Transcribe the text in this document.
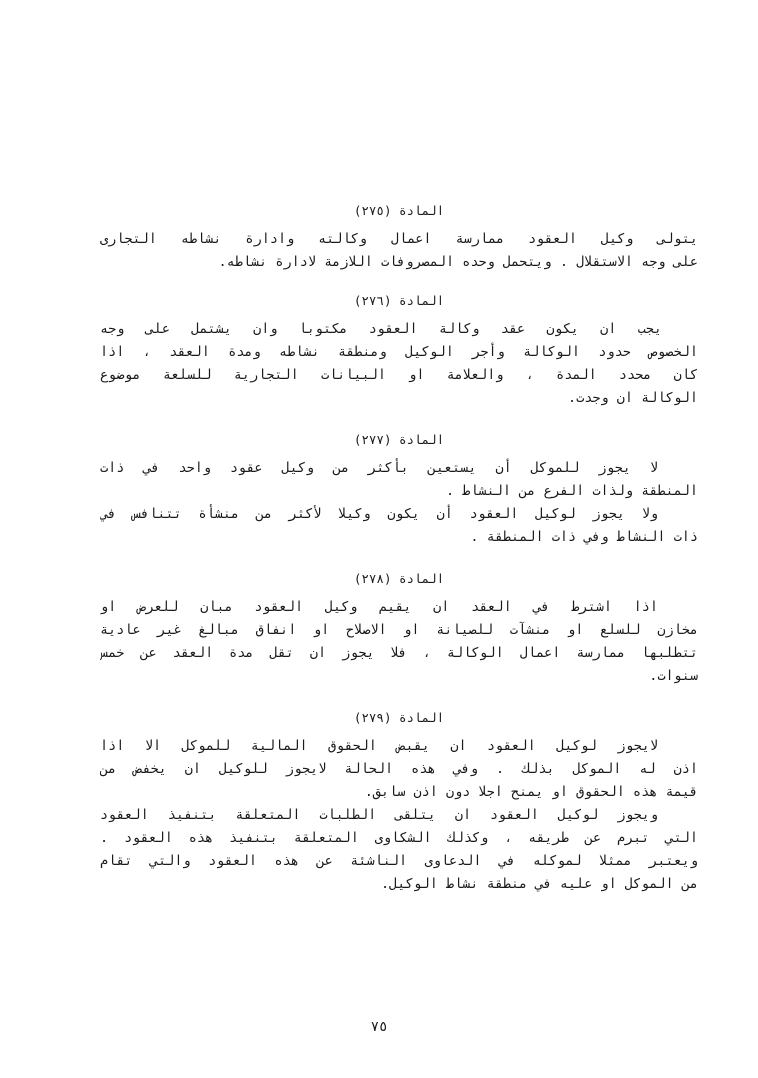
المادة (٢٧٥)
يتولى وكيل العقود ممارسة اعمال وكالته وادارة نشاطه التجارى
على وجه الاستقلال . ويتحمل وحده المصروفات اللازمة لادارة نشاطه.
المادة (٢٧٦)
يجب ان يكون عقد وكالة العقود مكتوبا وان يشتمل على وجه
الخصوص حدود الوكالة وأجر الوكيل ومنطقة نشاطه ومدة العقد ، اذا
كان محدد المدة ، والعلامة او البيانات التجارية للسلعة موضوع
الوكالة ان وجدت.
المادة (٢٧٧)
لا يجوز للموكل أن يستعين بأكثر من وكيل عقود واحد في ذات
المنطقة ولذات الفرع من النشاط .
ولا يجوز لوكيل العقود أن يكون وكيلا لأكثر من منشأة تتنافس في
ذات النشاط وفي ذات المنطقة .
المادة (٢٧٨)
اذا اشترط في العقد ان يقيم وكيل العقود مبان للعرض او
مخازن للسلع او منشآت للصيانة او الاصلاح او انفاق مبالغ غير عادية
تتطلبها ممارسة اعمال الوكالة ، فلا يجوز ان تقل مدة العقد عن خمس
سنوات.
المادة (٢٧٩)
لايجوز لوكيل العقود ان يقبض الحقوق المالية للموكل الا اذا
اذن له الموكل بذلك . وفي هذه الحالة لايجوز للوكيل ان يخفض من
قيمة هذه الحقوق او يمنح اجلا دون اذن سابق.
ويجوز لوكيل العقود ان يتلقى الطلبات المتعلقة بتنفيذ العقود
التي تبرم عن طريقه ، وكذلك الشكاوى المتعلقة بتنفيذ هذه العقود .
ويعتبر ممثلا لموكله في الدعاوى الناشئة عن هذه العقود والتي تقام
من الموكل او عليه في منطقة نشاط الوكيل.
٧٥
